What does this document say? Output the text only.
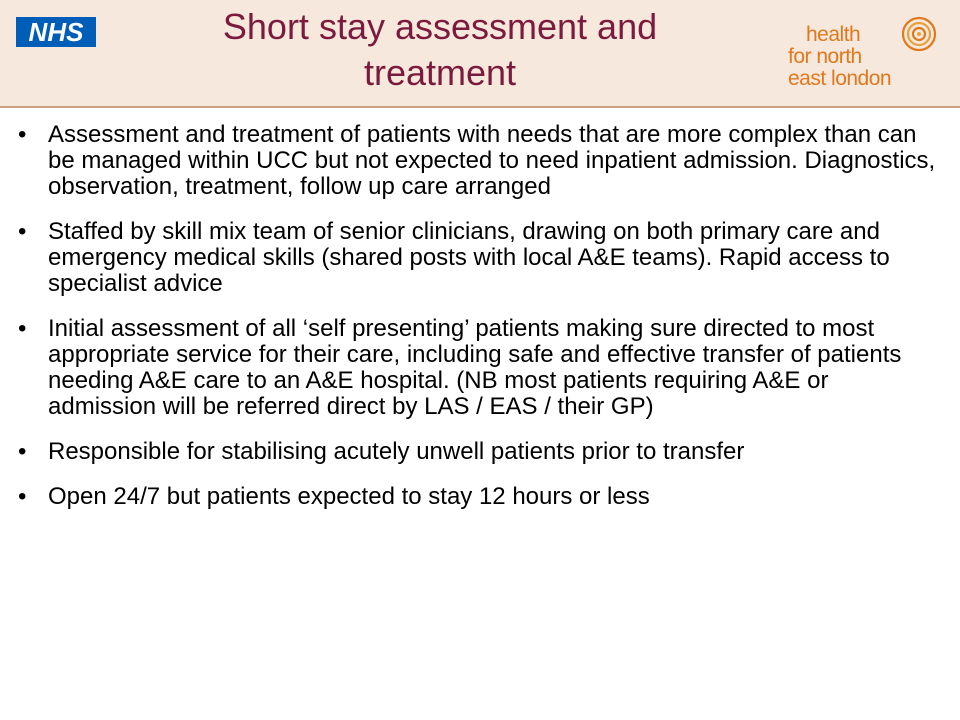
NHS	Short stay assessment and treatment
health
for north
east london
• Assessment and treatment of patients with needs that are more complex than can be managed within UCC but not expected to need inpatient admission. Diagnostics, observation, treatment, follow up care arranged
• Staffed by skill mix team of senior clinicians, drawing on both primary care and emergency medical skills (shared posts with local A&E teams). Rapid access to specialist advice
• Initial assessment of all ‘self presenting’ patients making sure directed to most appropriate service for their care, including safe and effective transfer of patients needing A&E care to an A&E hospital. (NB most patients requiring A&E or admission will be referred direct by LAS / EAS / their GP)
• Responsible for stabilising acutely unwell patients prior to transfer
• Open 24/7 but patients expected to stay 12 hours or less
